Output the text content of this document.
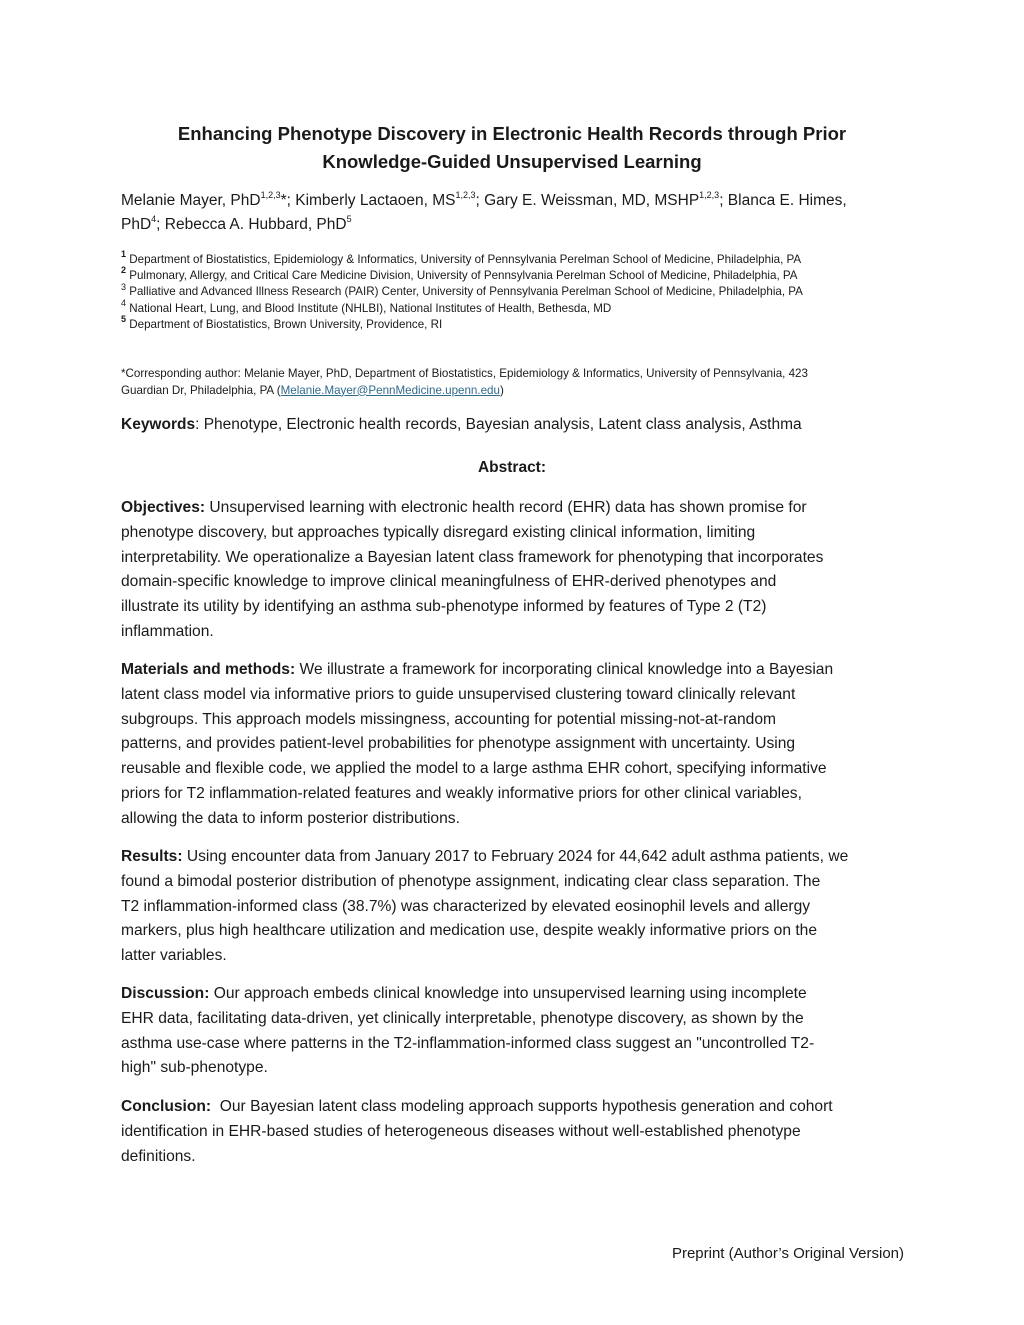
Enhancing Phenotype Discovery in Electronic Health Records through Prior
Knowledge-Guided Unsupervised Learning
Melanie Mayer, PhD$^{1,2,3}$*; Kimberly Lactaoen, MS$^{1,2,3}$; Gary E. Weissman, MD, MSHP$^{1,2,3}$; Blanca E. Himes,
PhD$^4$; Rebecca A. Hubbard, PhD$^5$
$^1$ Department of Biostatistics, Epidemiology & Informatics, University of Pennsylvania Perelman School of Medicine, Philadelphia, PA
$^2$ Pulmonary, Allergy, and Critical Care Medicine Division, University of Pennsylvania Perelman School of Medicine, Philadelphia, PA
$^3$ Palliative and Advanced Illness Research (PAIR) Center, University of Pennsylvania Perelman School of Medicine, Philadelphia, PA
$^4$ National Heart, Lung, and Blood Institute (NHLBI), National Institutes of Health, Bethesda, MD
$^5$ Department of Biostatistics, Brown University, Providence, RI
*Corresponding author: Melanie Mayer, PhD, Department of Biostatistics, Epidemiology & Informatics, University of Pennsylvania, 423
Guardian Dr, Philadelphia, PA (Melanie.Mayer@PennMedicine.upenn.edu)
Keywords: Phenotype, Electronic health records, Bayesian analysis, Latent class analysis, Asthma
Abstract:
Objectives: Unsupervised learning with electronic health record (EHR) data has shown promise for
phenotype discovery, but approaches typically disregard existing clinical information, limiting
interpretability. We operationalize a Bayesian latent class framework for phenotyping that incorporates
domain-specific knowledge to improve clinical meaningfulness of EHR-derived phenotypes and
illustrate its utility by identifying an asthma sub-phenotype informed by features of Type 2 (T2)
inflammation.
Materials and methods: We illustrate a framework for incorporating clinical knowledge into a Bayesian
latent class model via informative priors to guide unsupervised clustering toward clinically relevant
subgroups. This approach models missingness, accounting for potential missing-not-at-random
patterns, and provides patient-level probabilities for phenotype assignment with uncertainty. Using
reusable and flexible code, we applied the model to a large asthma EHR cohort, specifying informative
priors for T2 inflammation-related features and weakly informative priors for other clinical variables,
allowing the data to inform posterior distributions.
Results: Using encounter data from January 2017 to February 2024 for 44,642 adult asthma patients, we
found a bimodal posterior distribution of phenotype assignment, indicating clear class separation. The
T2 inflammation-informed class (38.7%) was characterized by elevated eosinophil levels and allergy
markers, plus high healthcare utilization and medication use, despite weakly informative priors on the
latter variables.
Discussion: Our approach embeds clinical knowledge into unsupervised learning using incomplete
EHR data, facilitating data-driven, yet clinically interpretable, phenotype discovery, as shown by the
asthma use-case where patterns in the T2-inflammation-informed class suggest an "uncontrolled T2-
high" sub-phenotype.
Conclusion:  Our Bayesian latent class modeling approach supports hypothesis generation and cohort
identification in EHR-based studies of heterogeneous diseases without well-established phenotype
definitions.
Preprint (Author’s Original Version)
